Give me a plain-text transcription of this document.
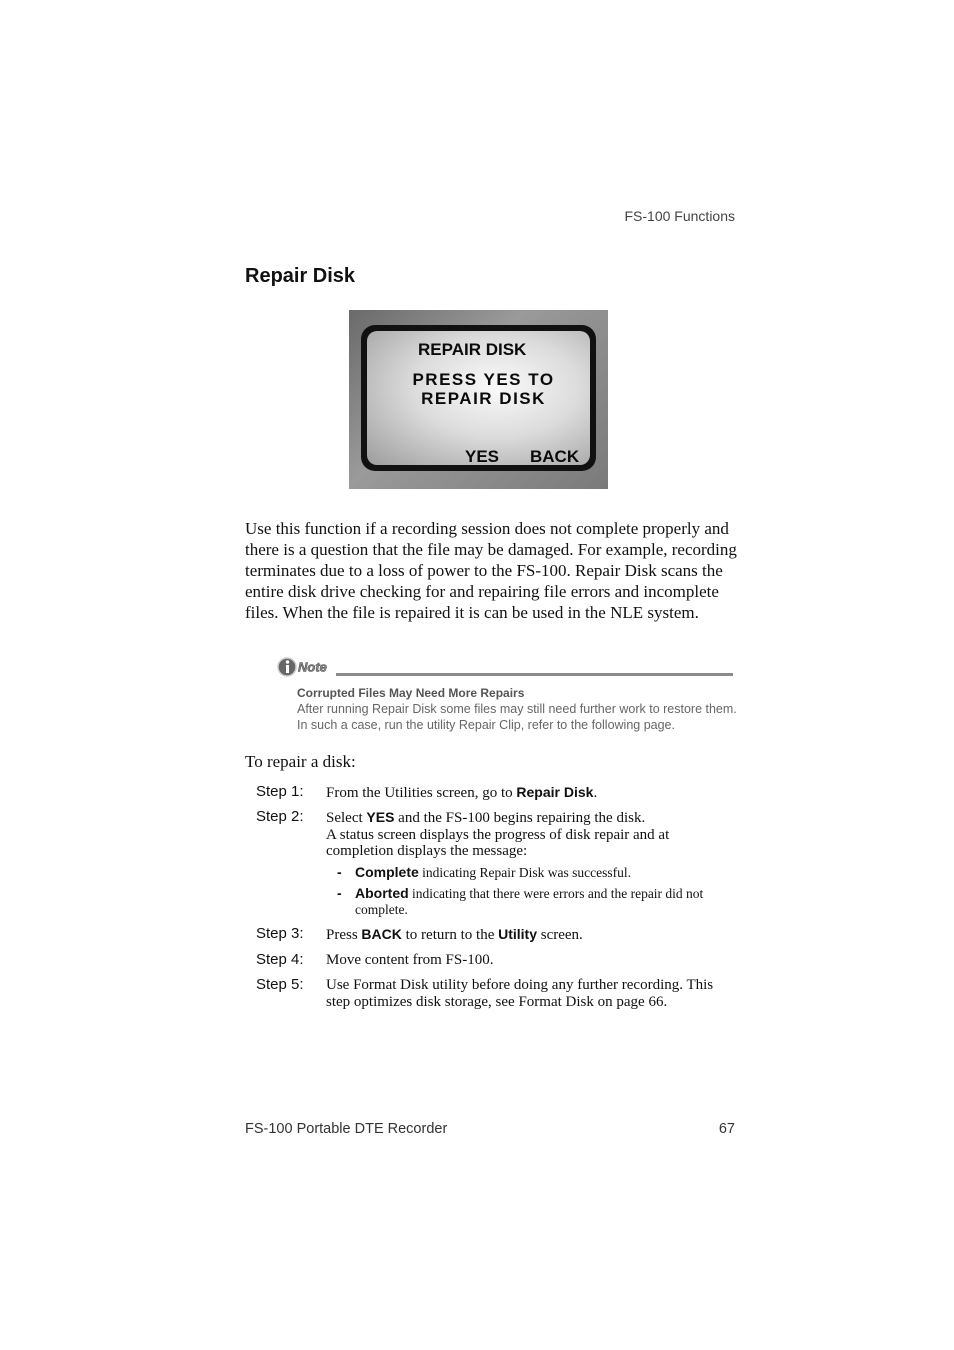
FS-100 Functions
Repair Disk
REPAIR DISK
PRESS YES TO
REPAIR DISK
YES BACK

Use this function if a recording session does not complete properly and there is a question that the file may be damaged. For example, recording terminates due to a loss of power to the FS-100. Repair Disk scans the entire disk drive checking for and repairing file errors and incomplete files. When the file is repaired it is can be used in the NLE system.

Note
Corrupted Files May Need More Repairs

After running Repair Disk some files may still need further work to restore them. In such a case, run the utility Repair Clip, refer to the following page.

To repair a disk:
Step 1: From the Utilities screen, go to Repair Disk.

Step 2: Select YES and the FS-100 begins repairing the disk.
A status screen displays the progress of disk repair and at completion displays the message:

- Complete indicating Repair Disk was successful.

- Aborted indicating that there were errors and the repair did not complete.

Step 3: Press BACK to return to the Utility screen.

Step 4: Move content from FS-100.

Step 5: Use Format Disk utility before doing any further recording. This step optimizes disk storage, see Format Disk on page 66.

FS-100 Portable DTE Recorder	67
